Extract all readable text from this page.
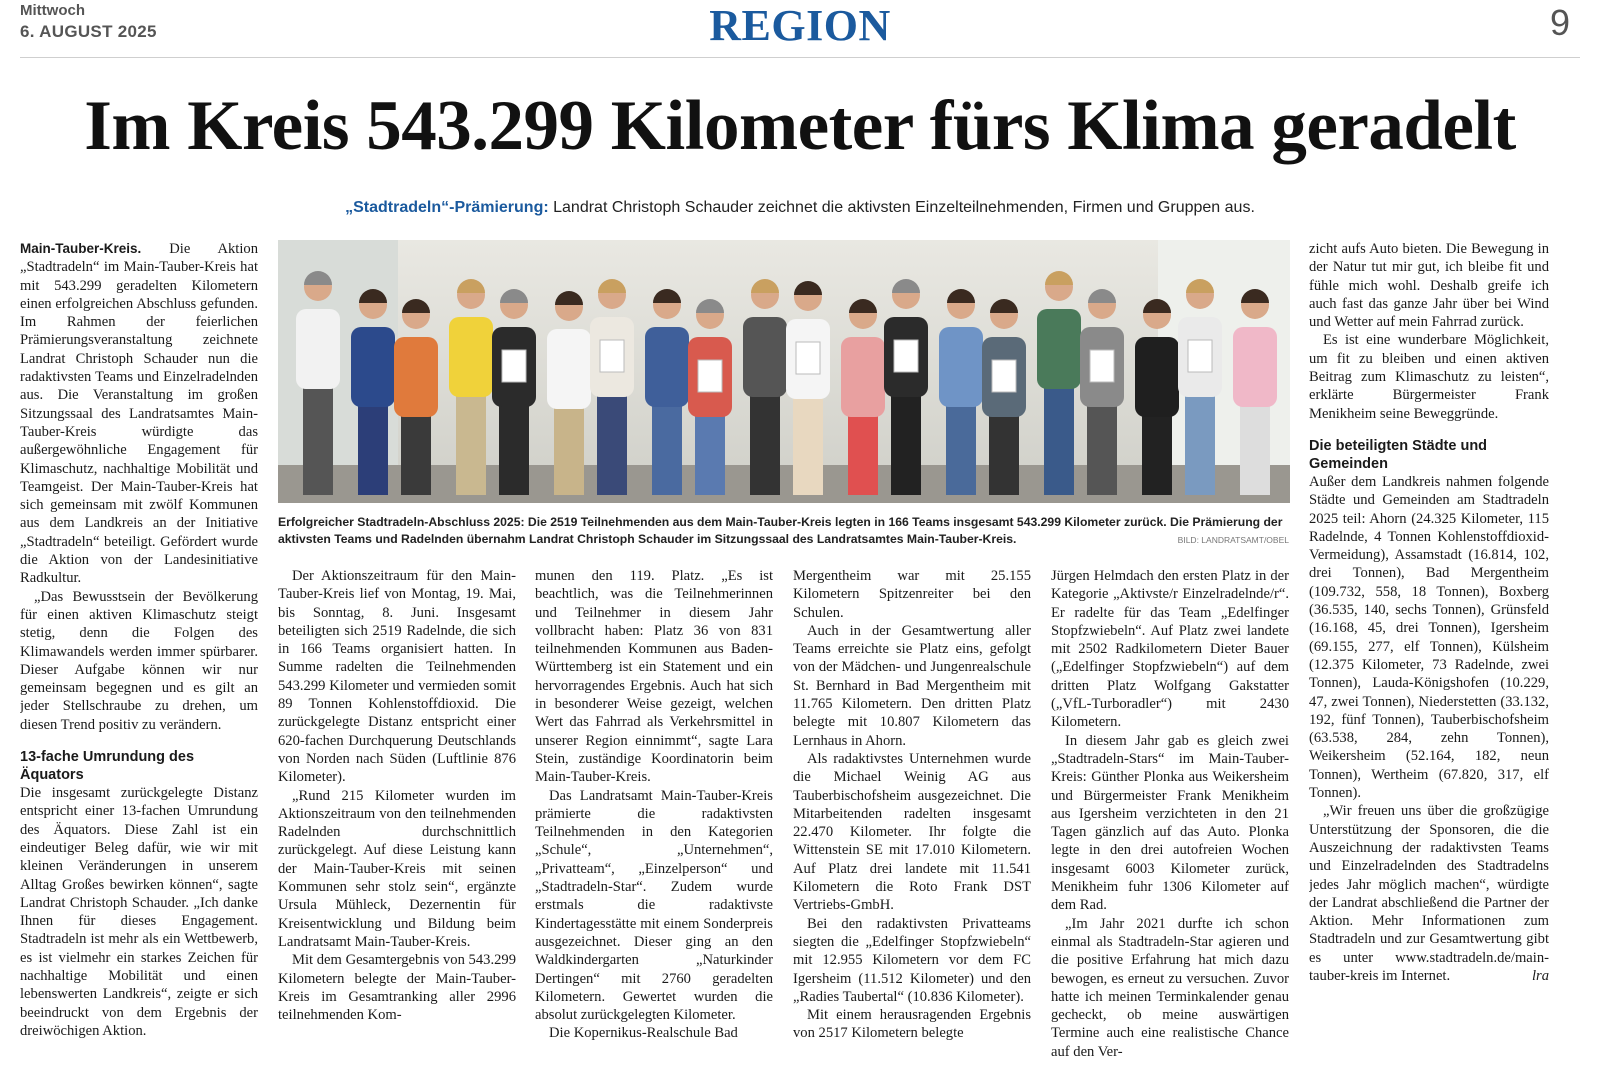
Mittwoch
6. AUGUST 2025	REGION	9
Im Kreis 543.299 Kilometer fürs Klima geradelt
„Stadtradeln“-Prämierung: Landrat Christoph Schauder zeichnet die aktivsten Einzelteilnehmenden, Firmen und Gruppen aus.

Main-Tauber-Kreis. Die Aktion „Stadtradeln“ im Main-Tauber-Kreis hat mit 543.299 geradelten Kilometern einen erfolgreichen Abschluss gefunden. Im Rahmen der feierlichen Prämierungsveranstaltung zeichnete Landrat Christoph Schauder nun die radaktivsten Teams und Einzelradelnden aus. Die Veranstaltung im großen Sitzungssaal des Landratsamtes Main-Tauber-Kreis würdigte das außergewöhnliche Engagement für Klimaschutz, nachhaltige Mobilität und Teamgeist. Der Main-Tauber-Kreis hat sich gemeinsam mit zwölf Kommunen aus dem Landkreis an der Initiative „Stadtradeln“ beteiligt. Gefördert wurde die Aktion von der Landesinitiative Radkultur.

„Das Bewusstsein der Bevölkerung für einen aktiven Klimaschutz steigt stetig, denn die Folgen des Klimawandels werden immer spürbarer. Dieser Aufgabe können wir nur gemeinsam begegnen und es gilt an jeder Stellschraube zu drehen, um diesen Trend positiv zu verändern.

13-fache Umrundung des Äquators

Die insgesamt zurückgelegte Distanz entspricht einer 13-fachen Umrundung des Äquators. Diese Zahl ist ein eindeutiger Beleg dafür, wie wir mit kleinen Veränderungen in unserem Alltag Großes bewirken können“, sagte Landrat Christoph Schauder. „Ich danke Ihnen für dieses Engagement. Stadtradeln ist mehr als ein Wettbewerb, es ist vielmehr ein starkes Zeichen für nachhaltige Mobilität und einen lebenswerten Landkreis“, zeigte er sich beeindruckt von dem Ergebnis der dreiwöchigen Aktion.

Erfolgreicher Stadtradeln-Abschluss 2025: Die 2519 Teilnehmenden aus dem Main-Tauber-Kreis legten in 166 Teams insgesamt 543.299 Kilometer zurück. Die Prämierung der aktivsten Teams und Radelnden übernahm Landrat Christoph Schauder im Sitzungssaal des Landratsamtes Main-Tauber-Kreis.	BILD: LANDRATSAMT/OBEL

Der Aktionszeitraum für den Main-Tauber-Kreis lief von Montag, 19. Mai, bis Sonntag, 8. Juni. Insgesamt beteiligten sich 2519 Radelnde, die sich in 166 Teams organisiert hatten. In Summe radelten die Teilnehmenden 543.299 Kilometer und vermieden somit 89 Tonnen Kohlenstoffdioxid. Die zurückgelegte Distanz entspricht einer 620-fachen Durchquerung Deutschlands von Norden nach Süden (Luftlinie 876 Kilometer).

„Rund 215 Kilometer wurden im Aktionszeitraum von den teilnehmenden Radelnden durchschnittlich zurückgelegt. Auf diese Leistung kann der Main-Tauber-Kreis mit seinen Kommunen sehr stolz sein“, ergänzte Ursula Mühleck, Dezernentin für Kreisentwicklung und Bildung beim Landratsamt Main-Tauber-Kreis.

Mit dem Gesamtergebnis von 543.299 Kilometern belegte der Main-Tauber-Kreis im Gesamtranking aller 2996 teilnehmenden Kom-

munen den 119. Platz. „Es ist beachtlich, was die Teilnehmerinnen und Teilnehmer in diesem Jahr vollbracht haben: Platz 36 von 831 teilnehmenden Kommunen aus Baden-Württemberg ist ein Statement und ein hervorragendes Ergebnis. Auch hat sich in besonderer Weise gezeigt, welchen Wert das Fahrrad als Verkehrsmittel in unserer Region einnimmt“, sagte Lara Stein, zuständige Koordinatorin beim Main-Tauber-Kreis.

Das Landratsamt Main-Tauber-Kreis prämierte die radaktivsten Teilnehmenden in den Kategorien „Schule“, „Unternehmen“, „Privatteam“, „Einzelperson“ und „Stadtradeln-Star“. Zudem wurde erstmals die radaktivste Kindertagesstätte mit einem Sonderpreis ausgezeichnet. Dieser ging an den Waldkindergarten „Naturkinder Dertingen“ mit 2760 geradelten Kilometern. Gewertet wurden die absolut zurückgelegten Kilometer.

Die Kopernikus-Realschule Bad

Mergentheim war mit 25.155 Kilometern Spitzenreiter bei den Schulen.

Auch in der Gesamtwertung aller Teams erreichte sie Platz eins, gefolgt von der Mädchen- und Jungenrealschule St. Bernhard in Bad Mergentheim mit 11.765 Kilometern. Den dritten Platz belegte mit 10.807 Kilometern das Lernhaus in Ahorn.

Als radaktivstes Unternehmen wurde die Michael Weinig AG aus Tauberbischofsheim ausgezeichnet. Die Mitarbeitenden radelten insgesamt 22.470 Kilometer. Ihr folgte die Wittenstein SE mit 17.010 Kilometern. Auf Platz drei landete mit 11.541 Kilometern die Roto Frank DST Vertriebs-GmbH.

Bei den radaktivsten Privatteams siegten die „Edelfinger Stopfzwiebeln“ mit 12.955 Kilometern vor dem FC Igersheim (11.512 Kilometer) und den „Radies Taubertal“ (10.836 Kilometer).

Mit einem herausragenden Ergebnis von 2517 Kilometern belegte

Jürgen Helmdach den ersten Platz in der Kategorie „Aktivste/r Einzelradelnde/r“. Er radelte für das Team „Edelfinger Stopfzwiebeln“. Auf Platz zwei landete mit 2502 Radkilometern Dieter Bauer („Edelfinger Stopfzwiebeln“) auf dem dritten Platz Wolfgang Gakstatter („VfL-Turboradler“) mit 2430 Kilometern.

In diesem Jahr gab es gleich zwei „Stadtradeln-Stars“ im Main-Tauber-Kreis: Günther Plonka aus Weikersheim und Bürgermeister Frank Menikheim aus Igersheim verzichteten in den 21 Tagen gänzlich auf das Auto. Plonka legte in den drei autofreien Wochen insgesamt 6003 Kilometer zurück, Menikheim fuhr 1306 Kilometer auf dem Rad.

„Im Jahr 2021 durfte ich schon einmal als Stadtradeln-Star agieren und die positive Erfahrung hat mich dazu bewogen, es erneut zu versuchen. Zuvor hatte ich meinen Terminkalender genau gecheckt, ob meine auswärtigen Termine auch eine realistische Chance auf den Ver-

zicht aufs Auto bieten. Die Bewegung in der Natur tut mir gut, ich bleibe fit und fühle mich wohl. Deshalb greife ich auch fast das ganze Jahr über bei Wind und Wetter auf mein Fahrrad zurück.

Es ist eine wunderbare Möglichkeit, um fit zu bleiben und einen aktiven Beitrag zum Klimaschutz zu leisten“, erklärte Bürgermeister Frank Menikheim seine Beweggründe.

Die beteiligten Städte und Gemeinden

Außer dem Landkreis nahmen folgende Städte und Gemeinden am Stadtradeln 2025 teil: Ahorn (24.325 Kilometer, 115 Radelnde, 4 Tonnen Kohlenstoffdioxid-Vermeidung), Assamstadt (16.814, 102, drei Tonnen), Bad Mergentheim (109.732, 558, 18 Tonnen), Boxberg (36.535, 140, sechs Tonnen), Grünsfeld (16.168, 45, drei Tonnen), Igersheim (69.155, 277, elf Tonnen), Külsheim (12.375 Kilometer, 73 Radelnde, zwei Tonnen), Lauda-Königshofen (10.229, 47, zwei Tonnen), Niederstetten (33.132, 192, fünf Tonnen), Tauberbischofsheim (63.538, 284, zehn Tonnen), Weikersheim (52.164, 182, neun Tonnen), Wertheim (67.820, 317, elf Tonnen).

„Wir freuen uns über die großzügige Unterstützung der Sponsoren, die die Auszeichnung der radaktivsten Teams und Einzelradelnden des Stadtradelns jedes Jahr möglich machen“, würdigte der Landrat abschließend die Partner der Aktion. Mehr Informationen zum Stadtradeln und zur Gesamtwertung gibt es unter www.stadtradeln.de/main-tauber-kreis im Internet.	lra
